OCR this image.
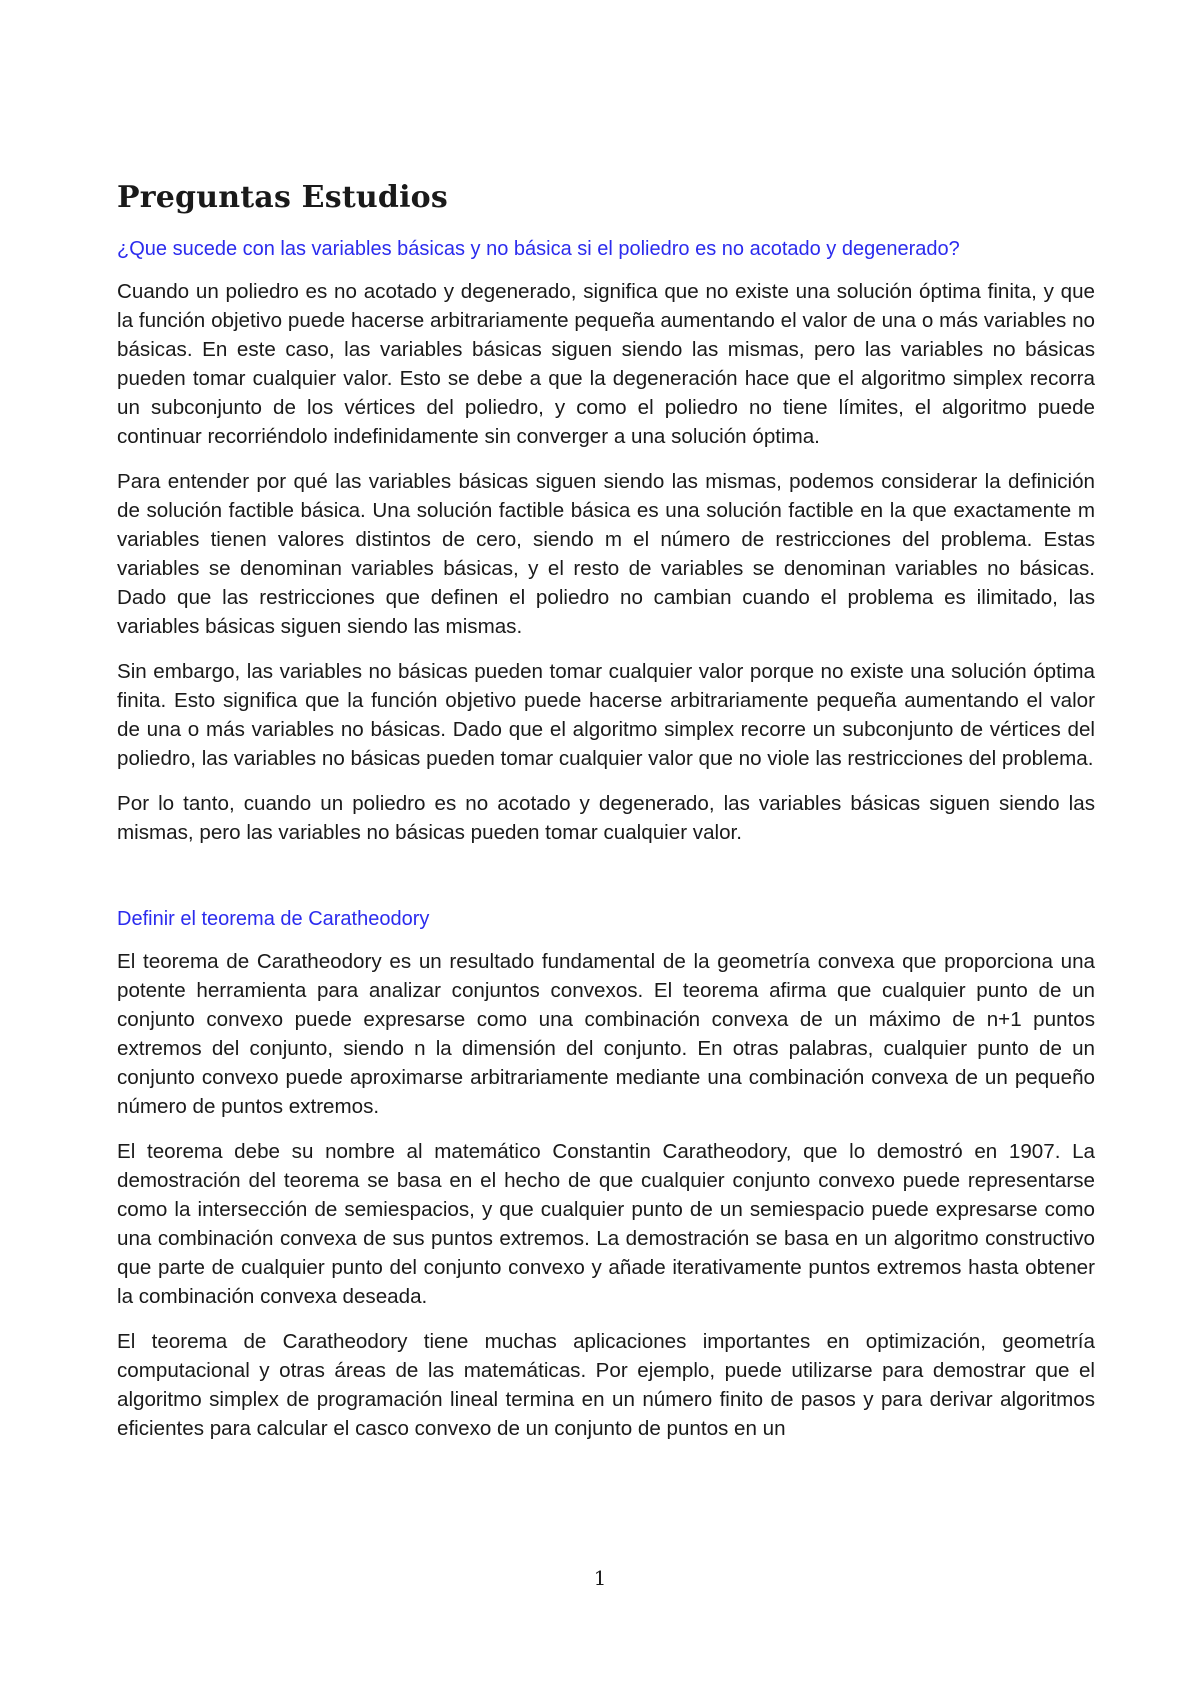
Preguntas Estudios

¿Que sucede con las variables básicas y no básica si el poliedro es no acotado y degenerado?

Cuando un poliedro es no acotado y degenerado, significa que no existe una solución óptima finita, y que la función objetivo puede hacerse arbitrariamente pequeña aumentando el valor de una o más variables no básicas. En este caso, las variables básicas siguen siendo las mismas, pero las variables no básicas pueden tomar cualquier valor. Esto se debe a que la degeneración hace que el algoritmo simplex recorra un subconjunto de los vértices del poliedro, y como el poliedro no tiene límites, el algoritmo puede continuar recorriéndolo indefinidamente sin converger a una solución óptima.

Para entender por qué las variables básicas siguen siendo las mismas, podemos considerar la definición de solución factible básica. Una solución factible básica es una solución factible en la que exactamente m variables tienen valores distintos de cero, siendo m el número de restricciones del problema. Estas variables se denominan variables básicas, y el resto de variables se denominan variables no básicas. Dado que las restricciones que definen el poliedro no cambian cuando el problema es ilimitado, las variables básicas siguen siendo las mismas.

Sin embargo, las variables no básicas pueden tomar cualquier valor porque no existe una solución óptima finita. Esto significa que la función objetivo puede hacerse arbitrariamente pequeña aumentando el valor de una o más variables no básicas. Dado que el algoritmo simplex recorre un subconjunto de vértices del poliedro, las variables no básicas pueden tomar cualquier valor que no viole las restricciones del problema.

Por lo tanto, cuando un poliedro es no acotado y degenerado, las variables básicas siguen siendo las mismas, pero las variables no básicas pueden tomar cualquier valor.

Definir el teorema de Caratheodory

El teorema de Caratheodory es un resultado fundamental de la geometría convexa que proporciona una potente herramienta para analizar conjuntos convexos. El teorema afirma que cualquier punto de un conjunto convexo puede expresarse como una combinación convexa de un máximo de n+1 puntos extremos del conjunto, siendo n la dimensión del conjunto. En otras palabras, cualquier punto de un conjunto convexo puede aproximarse arbitrariamente mediante una combinación convexa de un pequeño número de puntos extremos.

El teorema debe su nombre al matemático Constantin Caratheodory, que lo demostró en 1907. La demostración del teorema se basa en el hecho de que cualquier conjunto convexo puede representarse como la intersección de semiespacios, y que cualquier punto de un semiespacio puede expresarse como una combinación convexa de sus puntos extremos. La demostración se basa en un algoritmo constructivo que parte de cualquier punto del conjunto convexo y añade iterativamente puntos extremos hasta obtener la combinación convexa deseada.

El teorema de Caratheodory tiene muchas aplicaciones importantes en optimización, geometría computacional y otras áreas de las matemáticas. Por ejemplo, puede utilizarse para demostrar que el algoritmo simplex de programación lineal termina en un número finito de pasos y para derivar algoritmos eficientes para calcular el casco convexo de un conjunto de puntos en un

1
